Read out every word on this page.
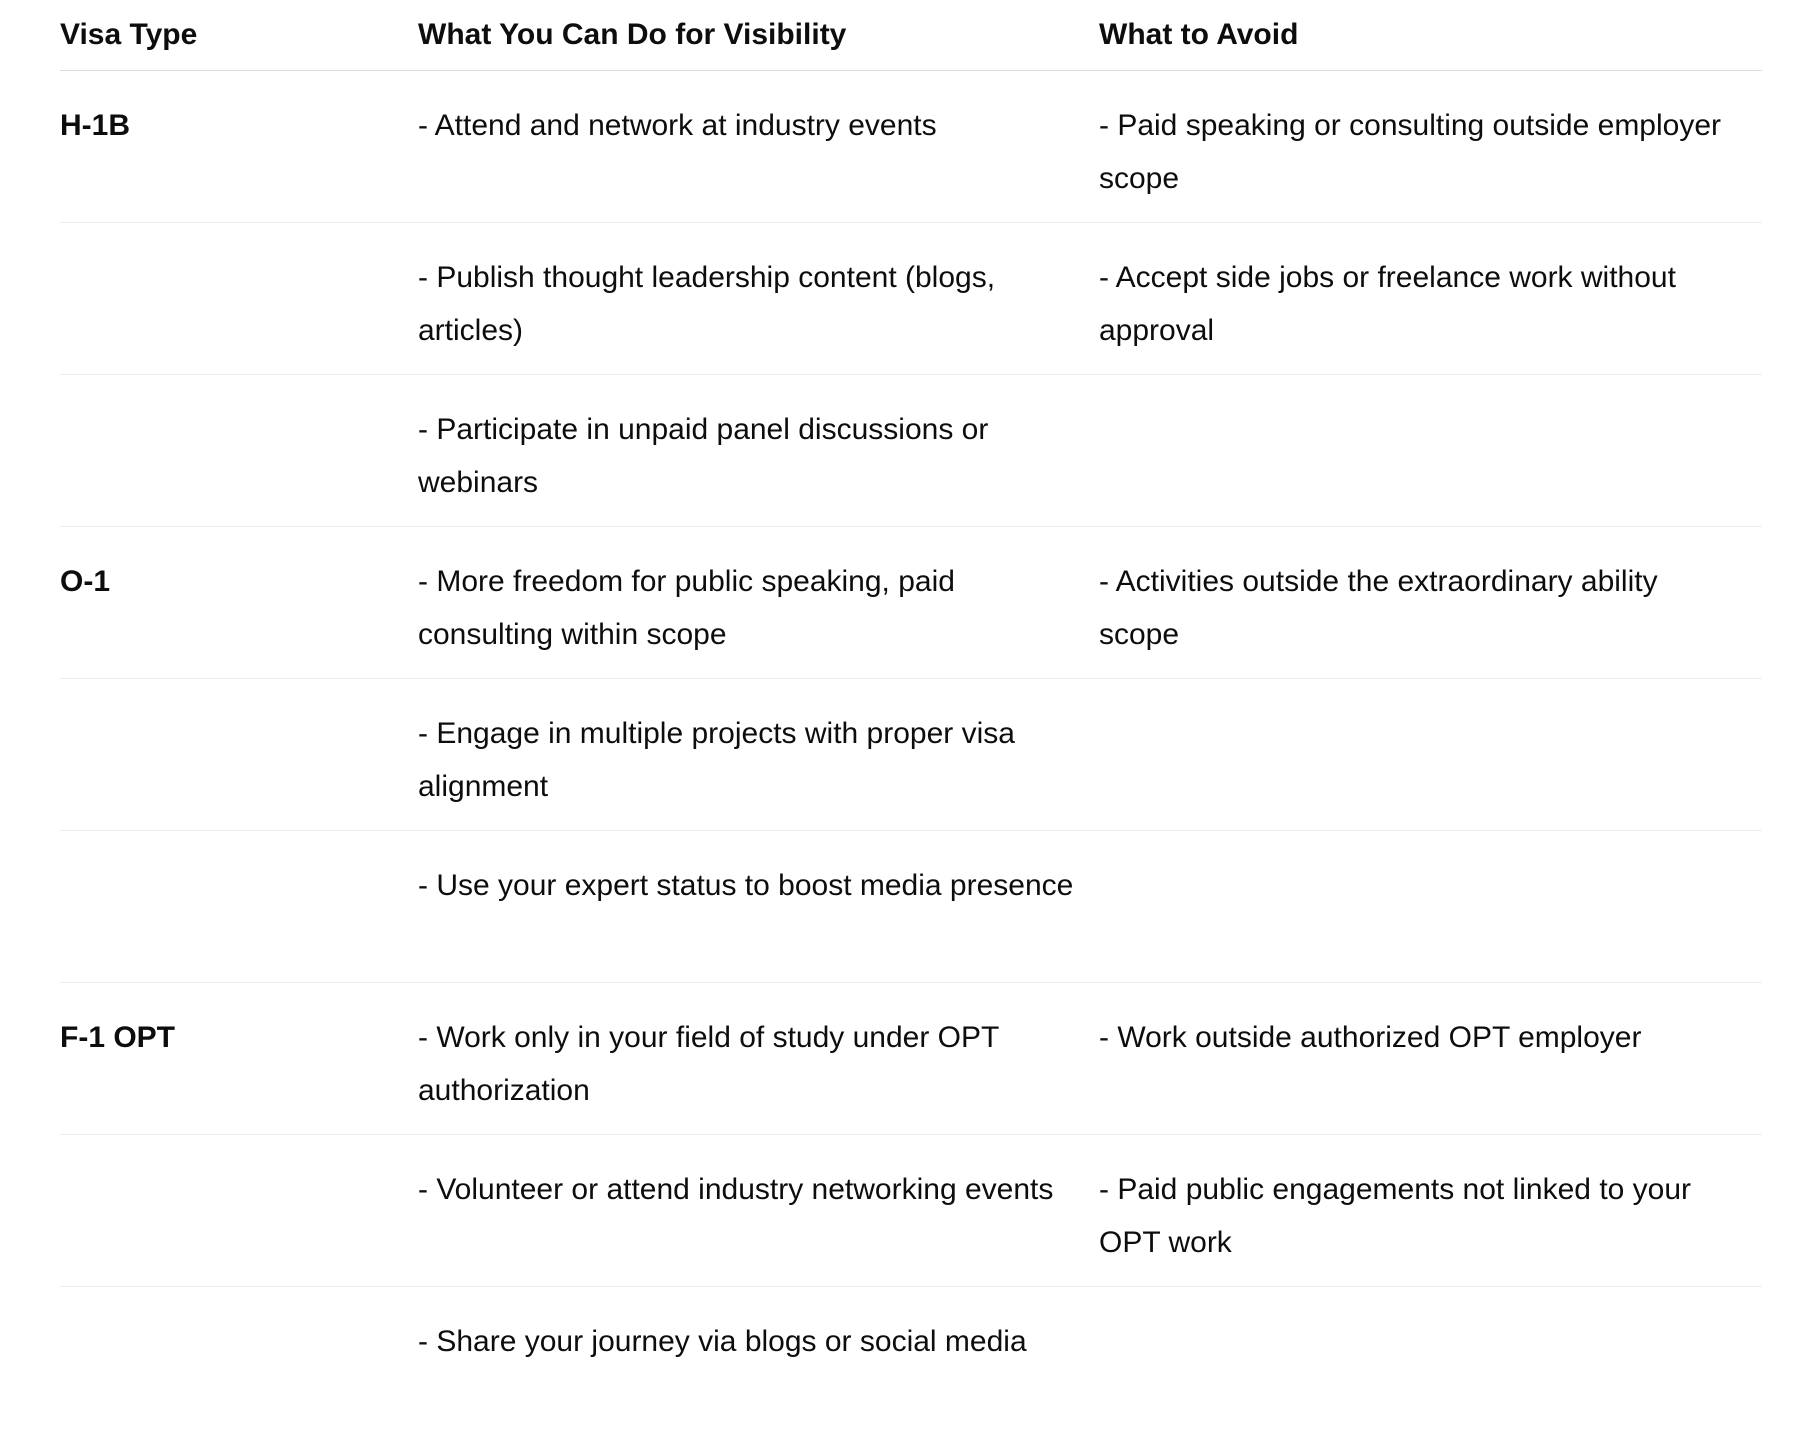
Visa Type	What You Can Do for Visibility	What to Avoid
H-1B	- Attend and network at industry events	- Paid speaking or consulting outside employer scope
	- Publish thought leadership content (blogs, articles)	- Accept side jobs or freelance work without approval
	- Participate in unpaid panel discussions or webinars	
O-1	- More freedom for public speaking, paid consulting within scope	- Activities outside the extraordinary ability scope
	- Engage in multiple projects with proper visa alignment	
	- Use your expert status to boost media presence	
F-1 OPT	- Work only in your field of study under OPT authorization	- Work outside authorized OPT employer
	- Volunteer or attend industry networking events	- Paid public engagements not linked to your OPT work
	- Share your journey via blogs or social media	
